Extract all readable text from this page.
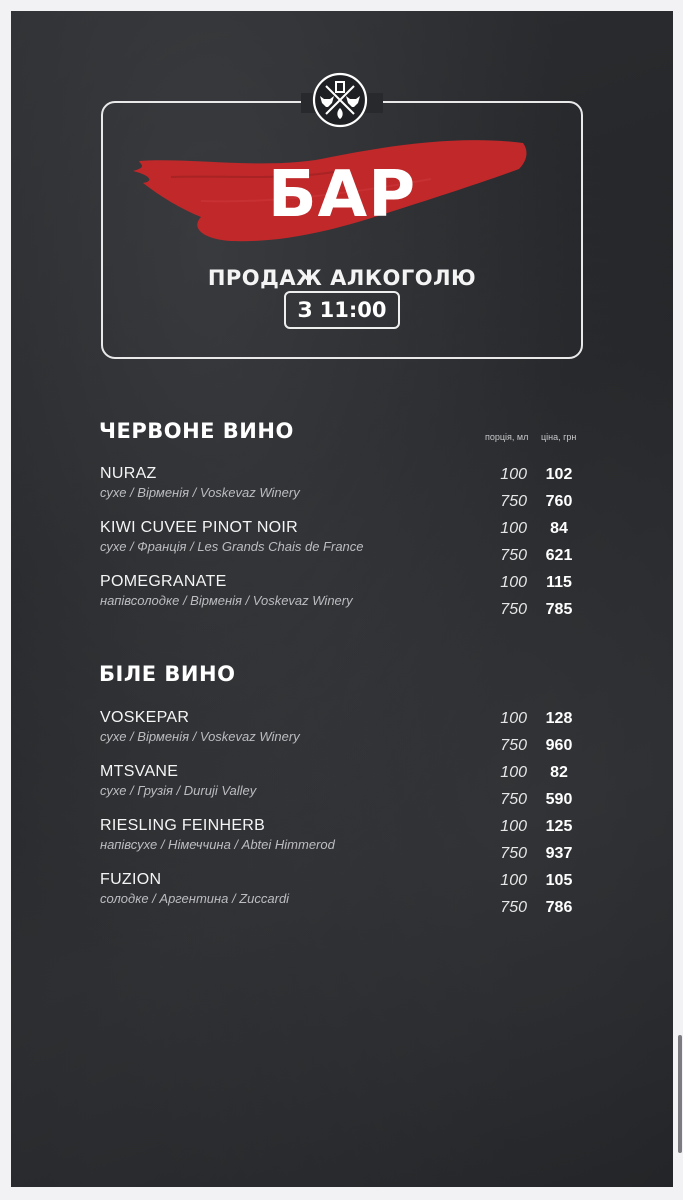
БАР
ПРОДАЖ АЛКОГОЛЮ
З 11:00
порція, мл ціна, грн
ЧЕРВОНЕ ВИНО
NURAZ
сухе / Вірменія / Voskevaz Winery
100	102
750	760
KIWI CUVEE PINOT NOIR
сухе / Франція / Les Grands Chais de France
100	84
750	621
POMEGRANATE
напівсолодке / Вірменія / Voskevaz Winery
100	115
750	785
БІЛЕ ВИНО
VOSKEPAR
сухе / Вірменія / Voskevaz Winery
100	128
750	960
MTSVANE
сухе / Грузія / Duruji Valley
100	82
750	590
RIESLING FEINHERB
напівсухе / Німеччина / Abtei Himmerod
100	125
750	937
FUZION
солодке / Аргентина / Zuccardi
100	105
750	786
